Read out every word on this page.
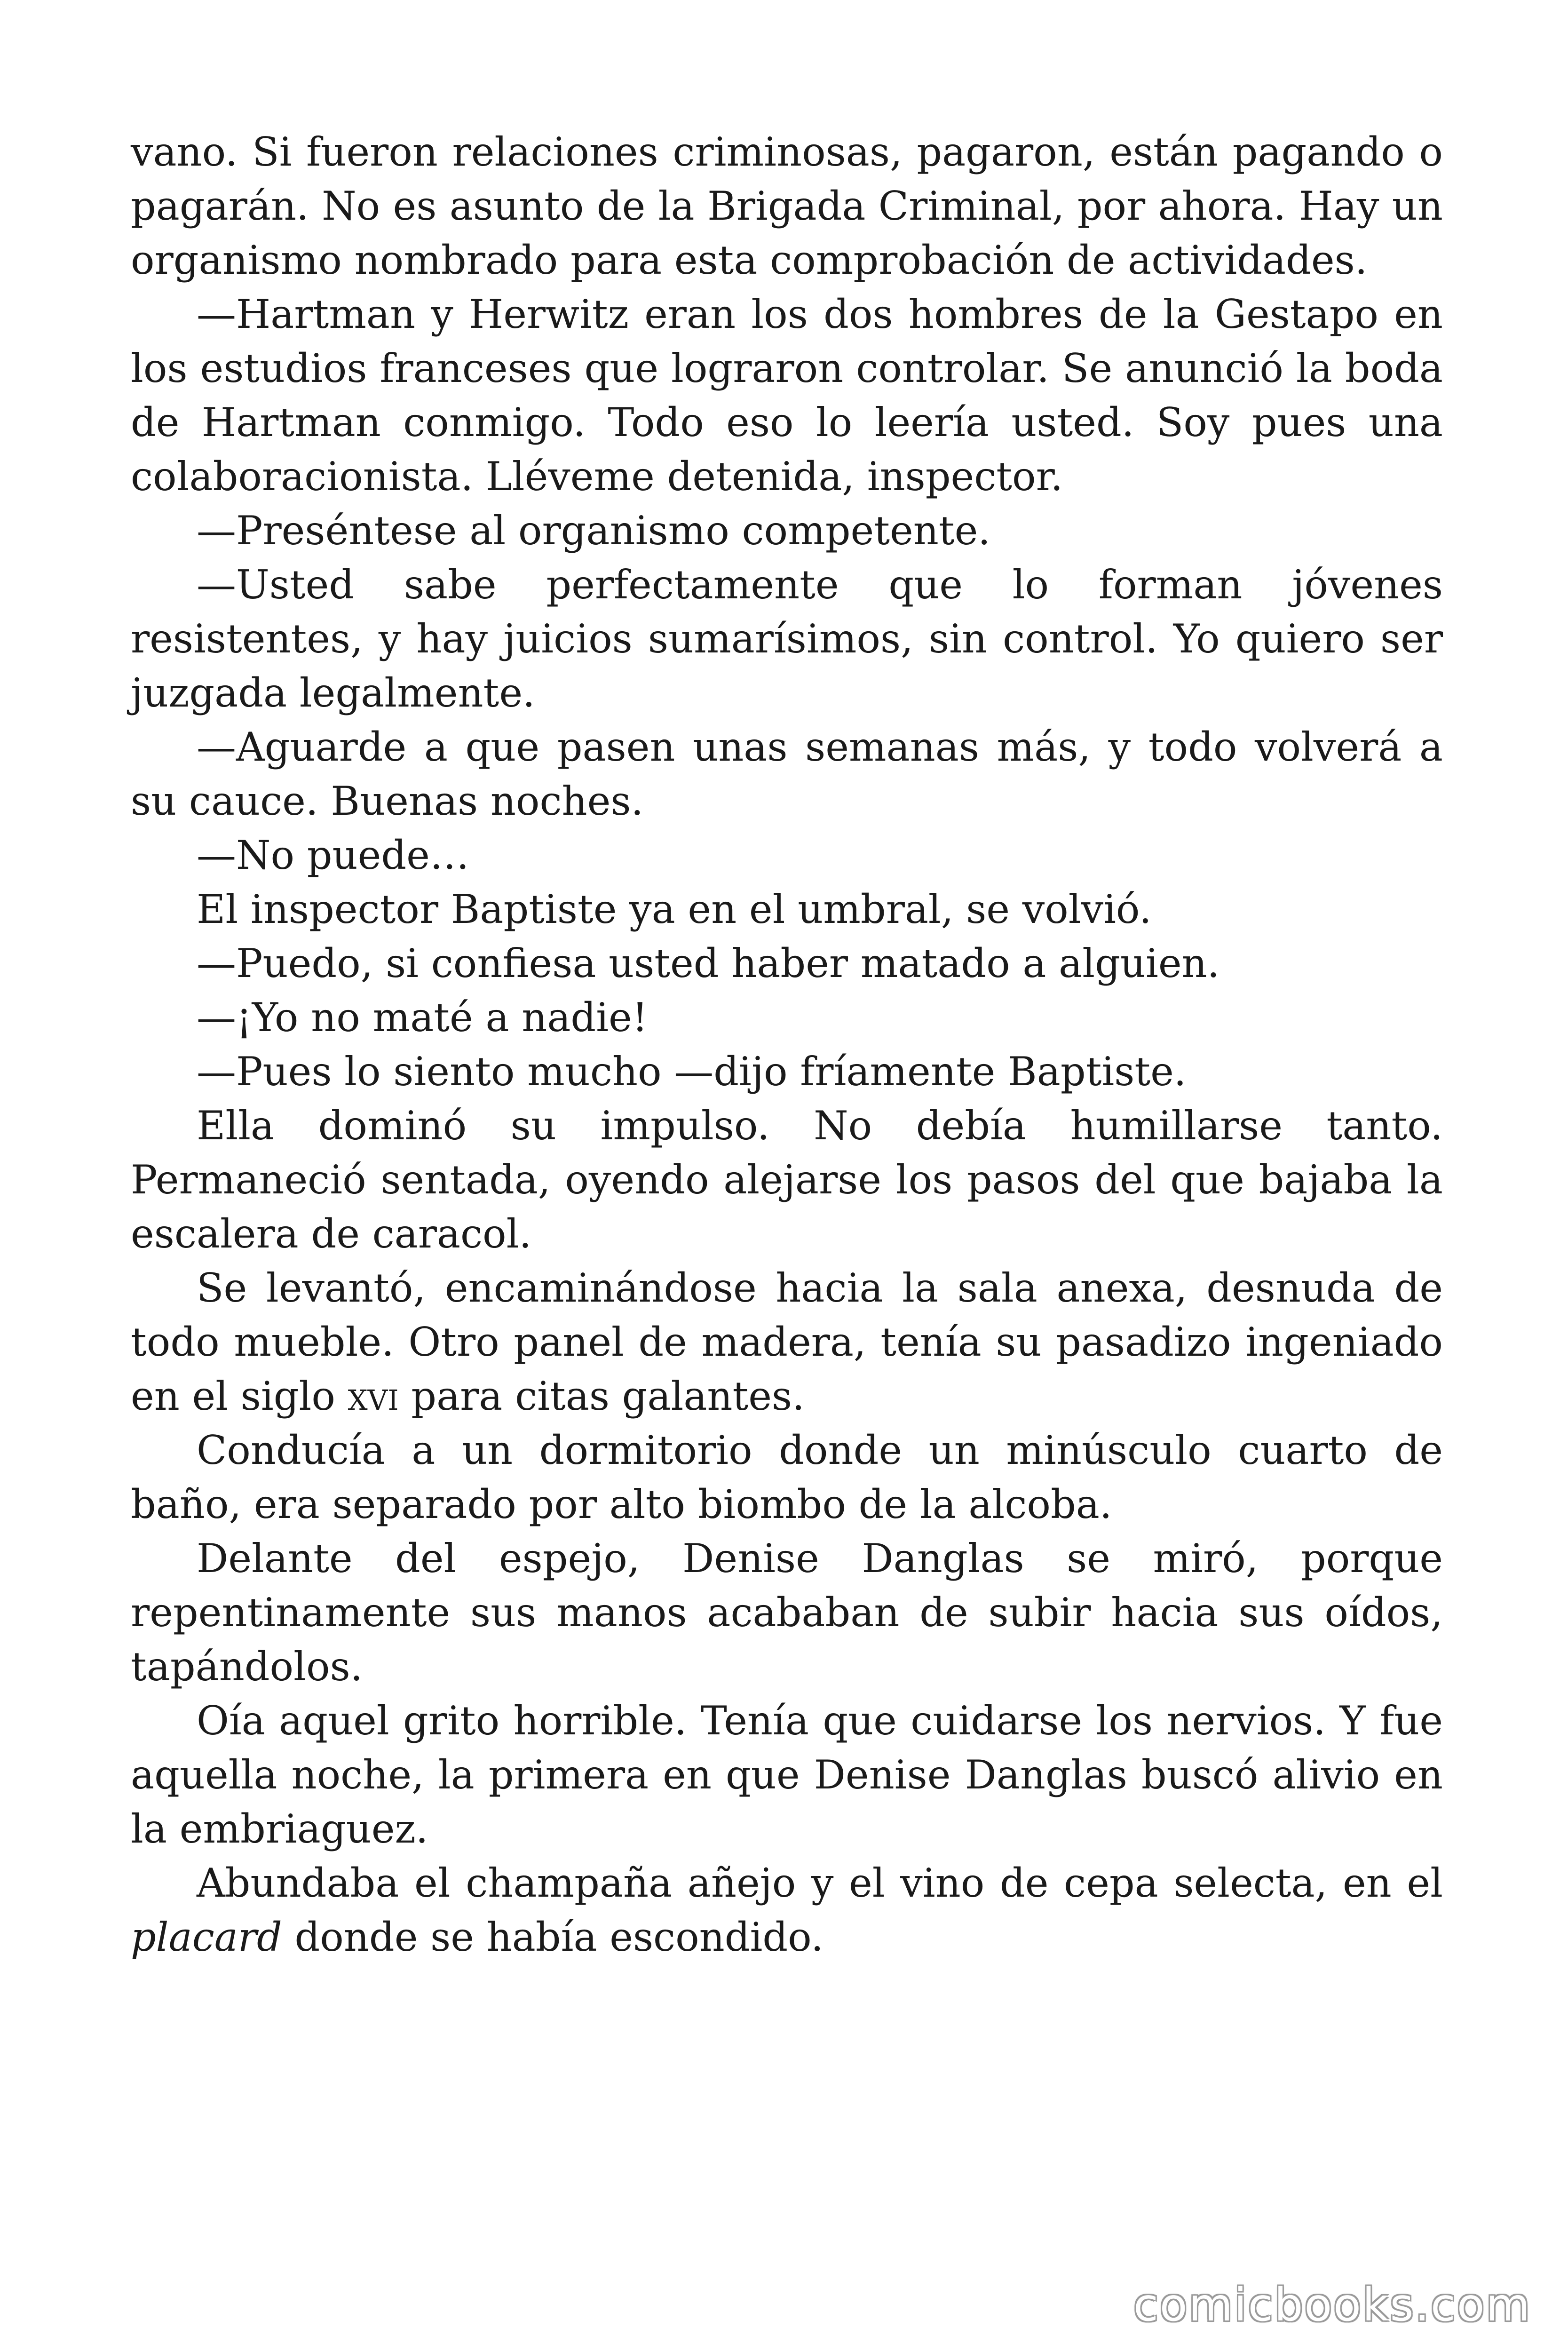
vano. Si fueron relaciones criminosas, pagaron, están pagando o pagarán. No es asunto de la Brigada Criminal, por ahora. Hay un organismo nombrado para esta comprobación de actividades.

—Hartman y Herwitz eran los dos hombres de la Gestapo en los estudios franceses que lograron controlar. Se anunció la boda de Hartman conmigo. Todo eso lo leería usted. Soy pues una colaboracionista. Lléveme detenida, inspector.

—Preséntese al organismo competente.

—Usted sabe perfectamente que lo forman jóvenes resistentes, y hay juicios sumarísimos, sin control. Yo quiero ser juzgada legalmente.

—Aguarde a que pasen unas semanas más, y todo volverá a su cauce. Buenas noches.

—No puede…

El inspector Baptiste ya en el umbral, se volvió.

—Puedo, si confiesa usted haber matado a alguien.

—¡Yo no maté a nadie!

—Pues lo siento mucho —dijo fríamente Baptiste.

Ella dominó su impulso. No debía humillarse tanto. Permaneció sentada, oyendo alejarse los pasos del que bajaba la escalera de caracol.

Se levantó, encaminándose hacia la sala anexa, desnuda de todo mueble. Otro panel de madera, tenía su pasadizo ingeniado en el siglo xvi para citas galantes.

Conducía a un dormitorio donde un minúsculo cuarto de baño, era separado por alto biombo de la alcoba.

Delante del espejo, Denise Danglas se miró, porque repentinamente sus manos acababan de subir hacia sus oídos, tapándolos.

Oía aquel grito horrible. Tenía que cuidarse los nervios. Y fue aquella noche, la primera en que Denise Danglas buscó alivio en la embriaguez.

Abundaba el champaña añejo y el vino de cepa selecta, en el placard donde se había escondido.

comicbooks.com
